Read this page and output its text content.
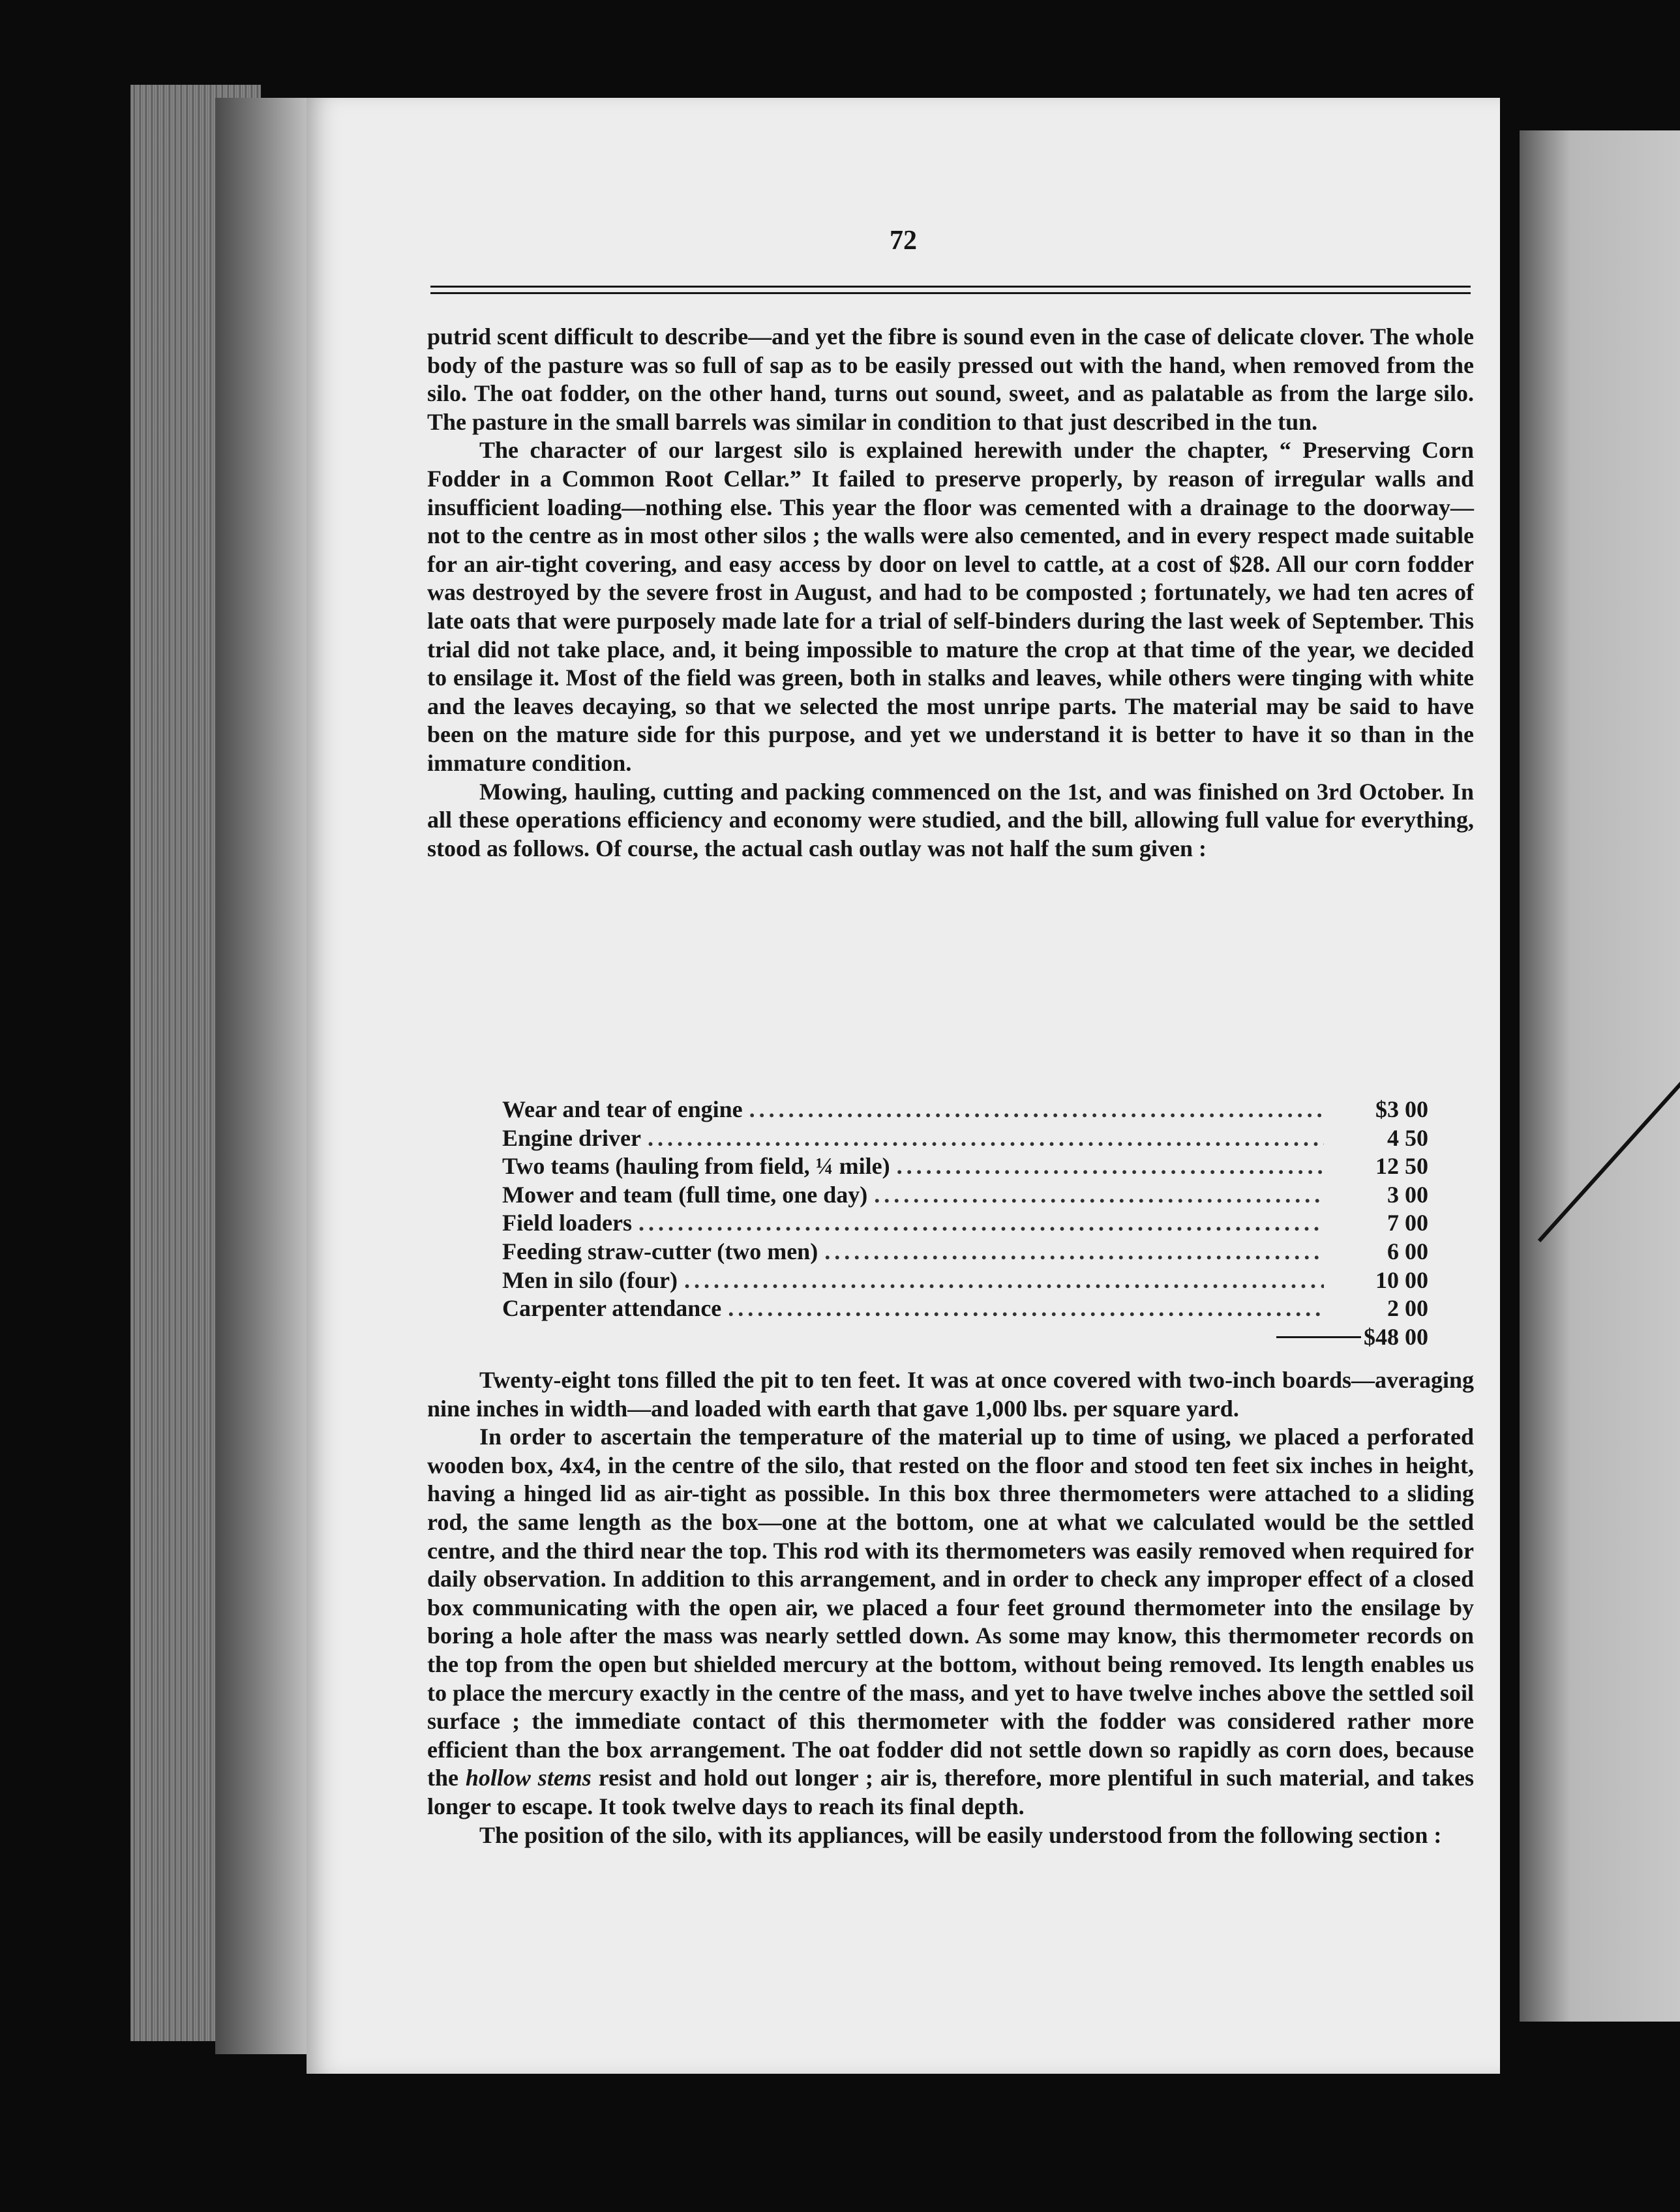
72

putrid scent difficult to describe—and yet the fibre is sound even in the case of delicate clover. The whole body of the pasture was so full of sap as to be easily pressed out with the hand, when removed from the silo. The oat fodder, on the other hand, turns out sound, sweet, and as palatable as from the large silo. The pasture in the small barrels was similar in condition to that just described in the tun.

The character of our largest silo is explained herewith under the chapter, “ Preserving Corn Fodder in a Common Root Cellar.” It failed to preserve properly, by reason of irregular walls and insufficient loading—nothing else. This year the floor was cemented with a drainage to the doorway—not to the centre as in most other silos ; the walls were also cemented, and in every respect made suitable for an air-tight covering, and easy access by door on level to cattle, at a cost of $28. All our corn fodder was destroyed by the severe frost in August, and had to be composted ; fortunately, we had ten acres of late oats that were purposely made late for a trial of self-binders during the last week of September. This trial did not take place, and, it being impossible to mature the crop at that time of the year, we decided to ensilage it. Most of the field was green, both in stalks and leaves, while others were tinging with white and the leaves decaying, so that we selected the most unripe parts. The material may be said to have been on the mature side for this purpose, and yet we understand it is better to have it so than in the immature condition.

Mowing, hauling, cutting and packing commenced on the 1st, and was finished on 3rd October. In all these operations efficiency and economy were studied, and the bill, allowing full value for everything, stood as follows. Of course, the actual cash outlay was not half the sum given :

Wear and tear of engine .....	$3 00
Engine driver .....	4 50
Two teams (hauling from field, ¼ mile) .....	12 50
Mower and team (full time, one day) .....	3 00
Field loaders .....	7 00
Feeding straw-cutter (two men) .....	6 00
Men in silo (four) .....	10 00
Carpenter attendance .....	2 00
$48 00

Twenty-eight tons filled the pit to ten feet. It was at once covered with two-inch boards—averaging nine inches in width—and loaded with earth that gave 1,000 lbs. per square yard.

In order to ascertain the temperature of the material up to time of using, we placed a perforated wooden box, 4x4, in the centre of the silo, that rested on the floor and stood ten feet six inches in height, having a hinged lid as air-tight as possible. In this box three thermometers were attached to a sliding rod, the same length as the box—one at the bottom, one at what we calculated would be the settled centre, and the third near the top. This rod with its thermometers was easily removed when required for daily observation. In addition to this arrangement, and in order to check any improper effect of a closed box communicating with the open air, we placed a four feet ground thermometer into the ensilage by boring a hole after the mass was nearly settled down. As some may know, this thermometer records on the top from the open but shielded mercury at the bottom, without being removed. Its length enables us to place the mercury exactly in the centre of the mass, and yet to have twelve inches above the settled soil surface ; the immediate contact of this thermometer with the fodder was considered rather more efficient than the box arrangement. The oat fodder did not settle down so rapidly as corn does, because the hollow stems resist and hold out longer ; air is, therefore, more plentiful in such material, and takes longer to escape. It took twelve days to reach its final depth.

The position of the silo, with its appliances, will be easily understood from the following section :
